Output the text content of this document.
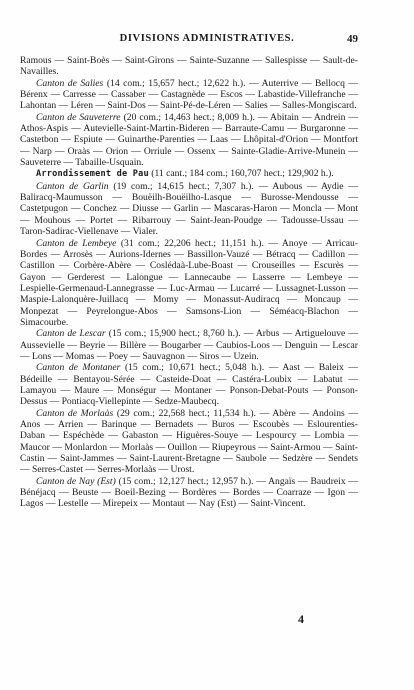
DIVISIONS ADMINISTRATIVES.	49

Ramous — Saint-Boès — Saint-Girons — Sainte-Suzanne — Sallespisse — Sault-de-Navailles.

Canton de Salies (14 com.; 15,657 hect.; 12,622 h.). — Auterrive — Bellocq — Bérenx — Carresse — Cassaber — Castagnède — Escos — Labastide-Villefranche — Lahontan — Léren — Saint-Dos — Saint-Pé-de-Léren — Salies — Salles-Mongiscard.

Canton de Sauveterre (20 com.; 14,463 hect.; 8,009 h.). — Abitain — Andrein — Athos-Aspis — Autevielle-Saint-Martin-Bideren — Barraute-Camu — Burgaronne — Castetbon — Espiute — Guinarthe-Parenties — Laas — Lhôpital-d'Orion — Montfort — Narp — Oraàs — Orion — Orriule — Ossenx — Sainte-Gladie-Arrive-Munein — Sauveterre — Tabaille-Usquain.

Arrondissement de Pau (11 cant.; 184 com.; 160,707 hect.; 129,902 h.).

Canton de Garlin (19 com.; 14,615 hect.; 7,307 h.). — Aubous — Aydie — Baliracq-Maumusson — Bouëilh-Bouëilho-Lasque — Burosse-Mendousse — Castetpugon — Conchez — Diusse — Garlin — Mascaras-Haron — Moncla — Mont — Mouhous — Portet — Ribarrouy — Saint-Jean-Poudge — Tadousse-Ussau — Taron-Sadirac-Viellenave — Vialer.

Canton de Lembeye (31 com.; 22,206 hect.; 11,151 h.). — Anoye — Arricau-Bordes — Arrosès — Aurions-Idernes — Bassillon-Vauzé — Bétracq — Cadillon — Castillon — Corbère-Abère — Coslédaà-Lube-Boast — Crouseilles — Escurès — Gayon — Gerderest — Lalongue — Lannecaube — Lasserre — Lembeye — Lespielle-Germenaud-Lannegrasse — Luc-Armau — Lucarré — Lussagnet-Lusson — Maspie-Lalonquère-Juillacq — Momy — Monassut-Audiracq — Moncaup — Monpezat — Peyrelongue-Abos — Samsons-Lion — Séméacq-Blachon — Simacourbe.

Canton de Lescar (15 com.; 15,900 hect.; 8,760 h.). — Arbus — Artiguelouve — Aussevielle — Beyrie — Billère — Bougarber — Caubios-Loos — Denguin — Lescar — Lons — Momas — Poey — Sauvagnon — Siros — Uzein.

Canton de Montaner (15 com.; 10,671 hect.; 5,048 h.). — Aast — Baleix — Bédeille — Bentayou-Sérée — Casteide-Doat — Castéra-Loubix — Labatut — Lamayou — Maure — Monségur — Montaner — Ponson-Debat-Pouts — Ponson-Dessus — Pontiacq-Viellepinte — Sedze-Maubecq.

Canton de Morlaàs (29 com.; 22,568 hect.; 11,534 h.). — Abère — Andoins — Anos — Arrien — Barinque — Bernadets — Buros — Escoubès — Eslourenties-Daban — Espéchède — Gabaston — Higuères-Souye — Lespourcy — Lombia — Maucor — Monlardon — Morlaàs — Ouillon — Riupeyrous — Saint-Armou — Saint-Castin — Saint-Jammes — Saint-Laurent-Bretagne — Saubole — Sedzère — Sendets — Serres-Castet — Serres-Morlaàs — Urost.

Canton de Nay (Est) (15 com.; 12,127 hect.; 12,957 h.). — Angaïs — Baudreix — Bénéjacq — Beuste — Boeil-Bezing — Bordères — Bordes — Coarraze — Igon — Lagos — Lestelle — Mirepeix — Montaut — Nay (Est) — Saint-Vincent.

4
